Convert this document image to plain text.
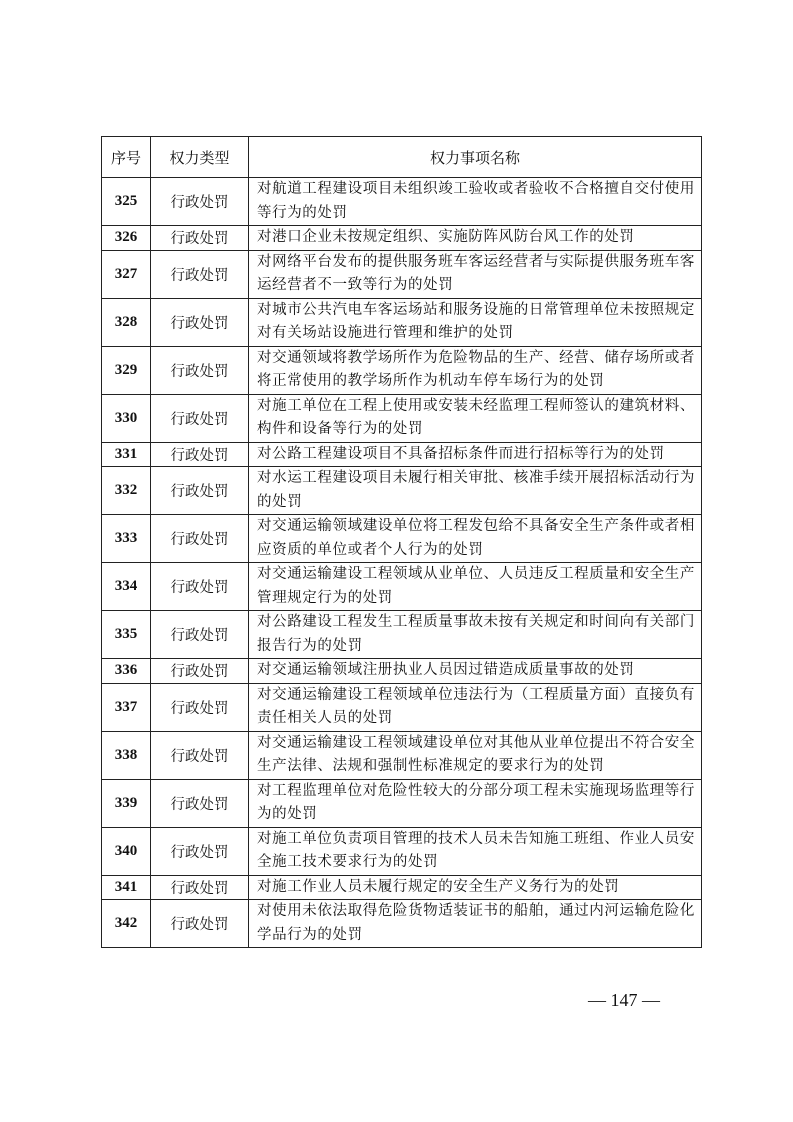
序号	权力类型	权力事项名称
325	行政处罚	对航道工程建设项目未组织竣工验收或者验收不合格擅自交付使用等行为的处罚
326	行政处罚	对港口企业未按规定组织、实施防阵风防台风工作的处罚
327	行政处罚	对网络平台发布的提供服务班车客运经营者与实际提供服务班车客运经营者不一致等行为的处罚
328	行政处罚	对城市公共汽电车客运场站和服务设施的日常管理单位未按照规定对有关场站设施进行管理和维护的处罚
329	行政处罚	对交通领域将教学场所作为危险物品的生产、经营、储存场所或者将正常使用的教学场所作为机动车停车场行为的处罚
330	行政处罚	对施工单位在工程上使用或安装未经监理工程师签认的建筑材料、构件和设备等行为的处罚
331	行政处罚	对公路工程建设项目不具备招标条件而进行招标等行为的处罚
332	行政处罚	对水运工程建设项目未履行相关审批、核准手续开展招标活动行为的处罚
333	行政处罚	对交通运输领域建设单位将工程发包给不具备安全生产条件或者相应资质的单位或者个人行为的处罚
334	行政处罚	对交通运输建设工程领域从业单位、人员违反工程质量和安全生产管理规定行为的处罚
335	行政处罚	对公路建设工程发生工程质量事故未按有关规定和时间向有关部门报告行为的处罚
336	行政处罚	对交通运输领域注册执业人员因过错造成质量事故的处罚
337	行政处罚	对交通运输建设工程领域单位违法行为（工程质量方面）直接负有责任相关人员的处罚
338	行政处罚	对交通运输建设工程领域建设单位对其他从业单位提出不符合安全生产法律、法规和强制性标准规定的要求行为的处罚
339	行政处罚	对工程监理单位对危险性较大的分部分项工程未实施现场监理等行为的处罚
340	行政处罚	对施工单位负责项目管理的技术人员未告知施工班组、作业人员安全施工技术要求行为的处罚
341	行政处罚	对施工作业人员未履行规定的安全生产义务行为的处罚
342	行政处罚	对使用未依法取得危险货物适装证书的船舶，通过内河运输危险化学品行为的处罚
— 147 —
